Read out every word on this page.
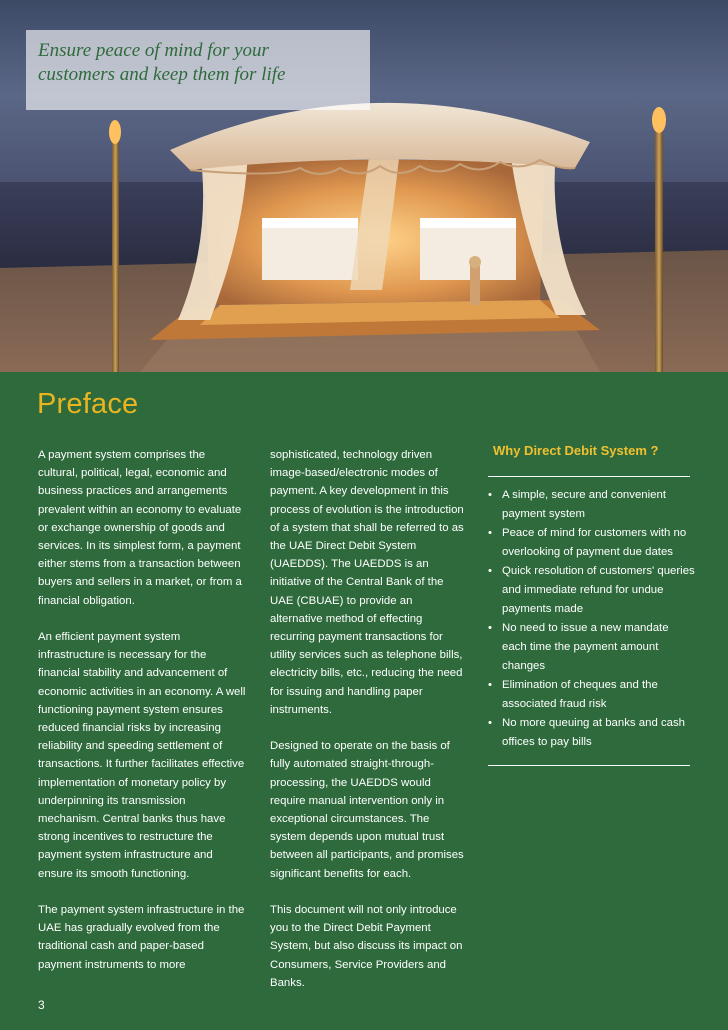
Ensure peace of mind for your
customers and keep them for life
Preface

A payment system comprises the cultural, political, legal, economic and business practices and arrangements prevalent within an economy to evaluate or exchange ownership of goods and services. In its simplest form, a payment either stems from a transaction between buyers and sellers in a market, or from a financial obligation.

An efficient payment system infrastructure is necessary for the financial stability and advancement of economic activities in an economy. A well functioning payment system ensures reduced financial risks by increasing reliability and speeding settlement of transactions. It further facilitates effective implementation of monetary policy by underpinning its transmission mechanism. Central banks thus have strong incentives to restructure the payment system infrastructure and ensure its smooth functioning.

The payment system infrastructure in the UAE has gradually evolved from the traditional cash and paper-based payment instruments to more

sophisticated, technology driven image-based/electronic modes of payment. A key development in this process of evolution is the introduction of a system that shall be referred to as the UAE Direct Debit System (UAEDDS). The UAEDDS is an initiative of the Central Bank of the UAE (CBUAE) to provide an alternative method of effecting recurring payment transactions for utility services such as telephone bills, electricity bills, etc., reducing the need for issuing and handling paper instruments.

Designed to operate on the basis of fully automated straight-through-processing, the UAEDDS would require manual intervention only in exceptional circumstances. The system depends upon mutual trust between all participants, and promises significant benefits for each.

This document will not only introduce you to the Direct Debit Payment System, but also discuss its impact on Consumers, Service Providers and Banks.

Why Direct Debit System ?
• A simple, secure and convenient payment system
• Peace of mind for customers with no overlooking of payment due dates
• Quick resolution of customers' queries and immediate refund for undue payments made
• No need to issue a new mandate each time the payment amount changes
• Elimination of cheques and the associated fraud risk
• No more queuing at banks and cash offices to pay bills
3
